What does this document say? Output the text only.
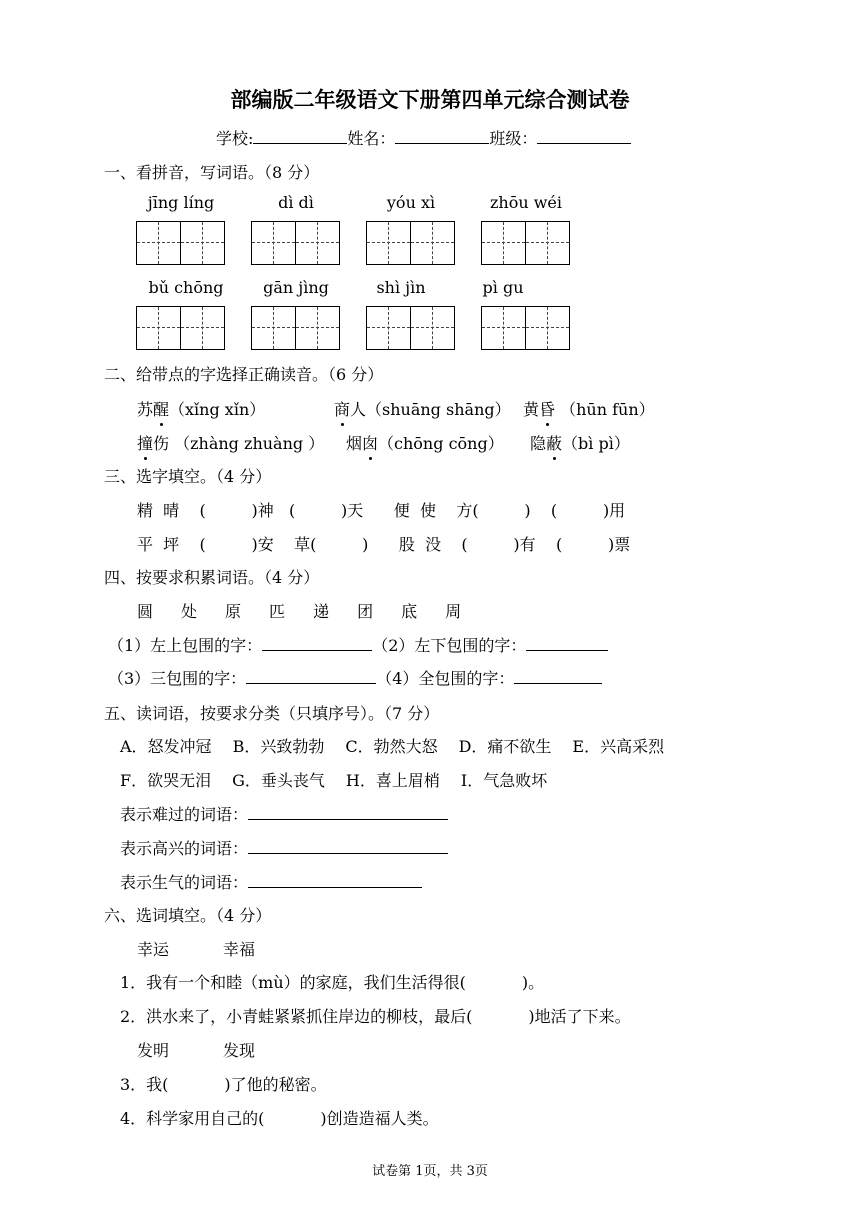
部编版二年级语文下册第四单元综合测试卷
学校:	姓名：	班级：
一、看拼音，写词语。（8 分）
jīng líng	dì dì	yóu xì	zhōu wéi
bǔ chōng	gān jìng	shì jìn	pì gu
二、给带点的字选择正确读音。（6 分）
苏醒（xǐng xǐn）	商人（shuāng shāng） 黄昏 （hūn fūn）
撞伤 （zhàng zhuàng ） 烟囱（chōng cōng） 隐蔽（bì pì）
三、选字填空。（4 分）
精  晴    (         )神   (         )天      便  使    方(         )    (         )用
平  坪    (         )安    草(         )      股  没    (         )有    (         )票
四、按要求积累词语。（4 分）
圆 处 原 匹 递 团 底 周
（1）左上包围的字：	（2）左下包围的字：
（3）三包围的字：	（4）全包围的字：
五、读词语，按要求分类（只填序号）。（7 分）
A．怒发冲冠 B．兴致勃勃 C．勃然大怒 D．痛不欲生 E．兴高采烈
F．欲哭无泪 G．垂头丧气 H．喜上眉梢 I．气急败坏
表示难过的词语：
表示高兴的词语：
表示生气的词语：
六、选词填空。（4 分）
幸运	幸福
1．我有一个和睦（mù）的家庭，我们生活得很(           )。
2．洪水来了，小青蛙紧紧抓住岸边的柳枝，最后(           )地活了下来。
发明	发现
3．我(           )了他的秘密。
4．科学家用自己的(           )创造造福人类。
试卷第 1页，共 3页
